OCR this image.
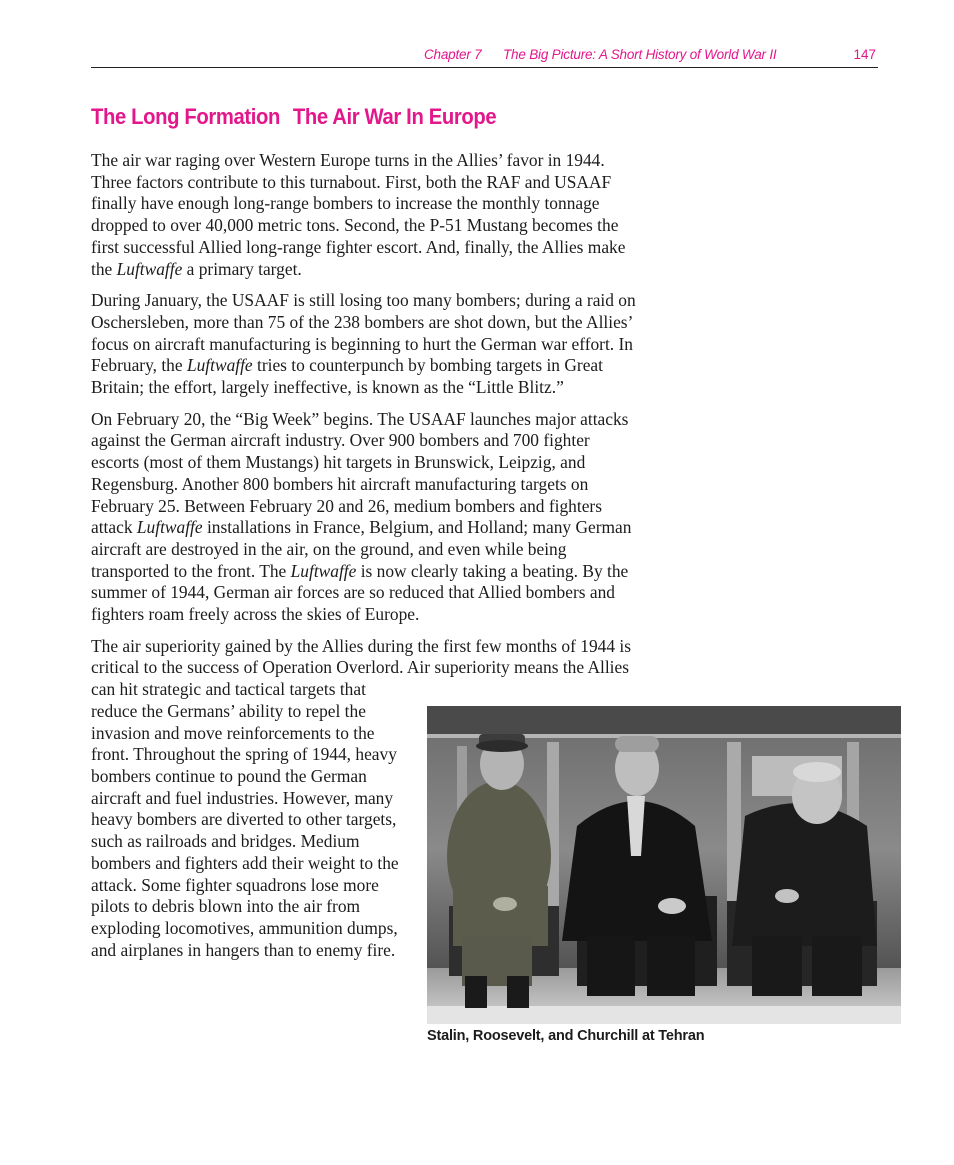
Chapter 7 The Big Picture: A Short History of World War II	147
The Long Formation The Air War In Europe

The air war raging over Western Europe turns in the Allies’ favor in 1944. Three factors contribute to this turnabout. First, both the RAF and USAAF finally have enough long-range bombers to increase the monthly tonnage dropped to over 40,000 metric tons. Second, the P-51 Mustang becomes the first successful Allied long-range fighter escort. And, finally, the Allies make the Luftwaffe a primary target.

During January, the USAAF is still losing too many bombers; during a raid on Oschersleben, more than 75 of the 238 bombers are shot down, but the Allies’ focus on aircraft manufacturing is beginning to hurt the German war effort. In February, the Luftwaffe tries to counterpunch by bombing targets in Great Britain; the effort, largely ineffective, is known as the “Little Blitz.”

On February 20, the “Big Week” begins. The USAAF launches major attacks against the German aircraft industry. Over 900 bombers and 700 fighter escorts (most of them Mustangs) hit targets in Brunswick, Leipzig, and Regensburg. Another 800 bombers hit aircraft manufacturing targets on February 25. Between February 20 and 26, medium bombers and fighters attack Luftwaffe installations in France, Belgium, and Holland; many German aircraft are destroyed in the air, on the ground, and even while being transported to the front. The Luftwaffe is now clearly taking a beating. By the summer of 1944, German air forces are so reduced that Allied bombers and fighters roam freely across the skies of Europe.

The air superiority gained by the Allies during the first few months of 1944 is critical to the success of Operation Overlord. Air superiority means the Allies can hit strategic and
Stalin, Roosevelt, and Churchill at Tehran
tactical targets that reduce the Germans’ ability to repel the invasion and move reinforcements to the front. Throughout the spring of 1944, heavy bombers continue to pound the German aircraft and fuel industries. However, many heavy bombers are diverted to other targets, such as railroads and bridges. Medium bombers and fighters add their weight to the attack. Some fighter squadrons lose more pilots to debris blown into the air from exploding locomotives, ammunition dumps, and airplanes in hangers than to enemy fire.
